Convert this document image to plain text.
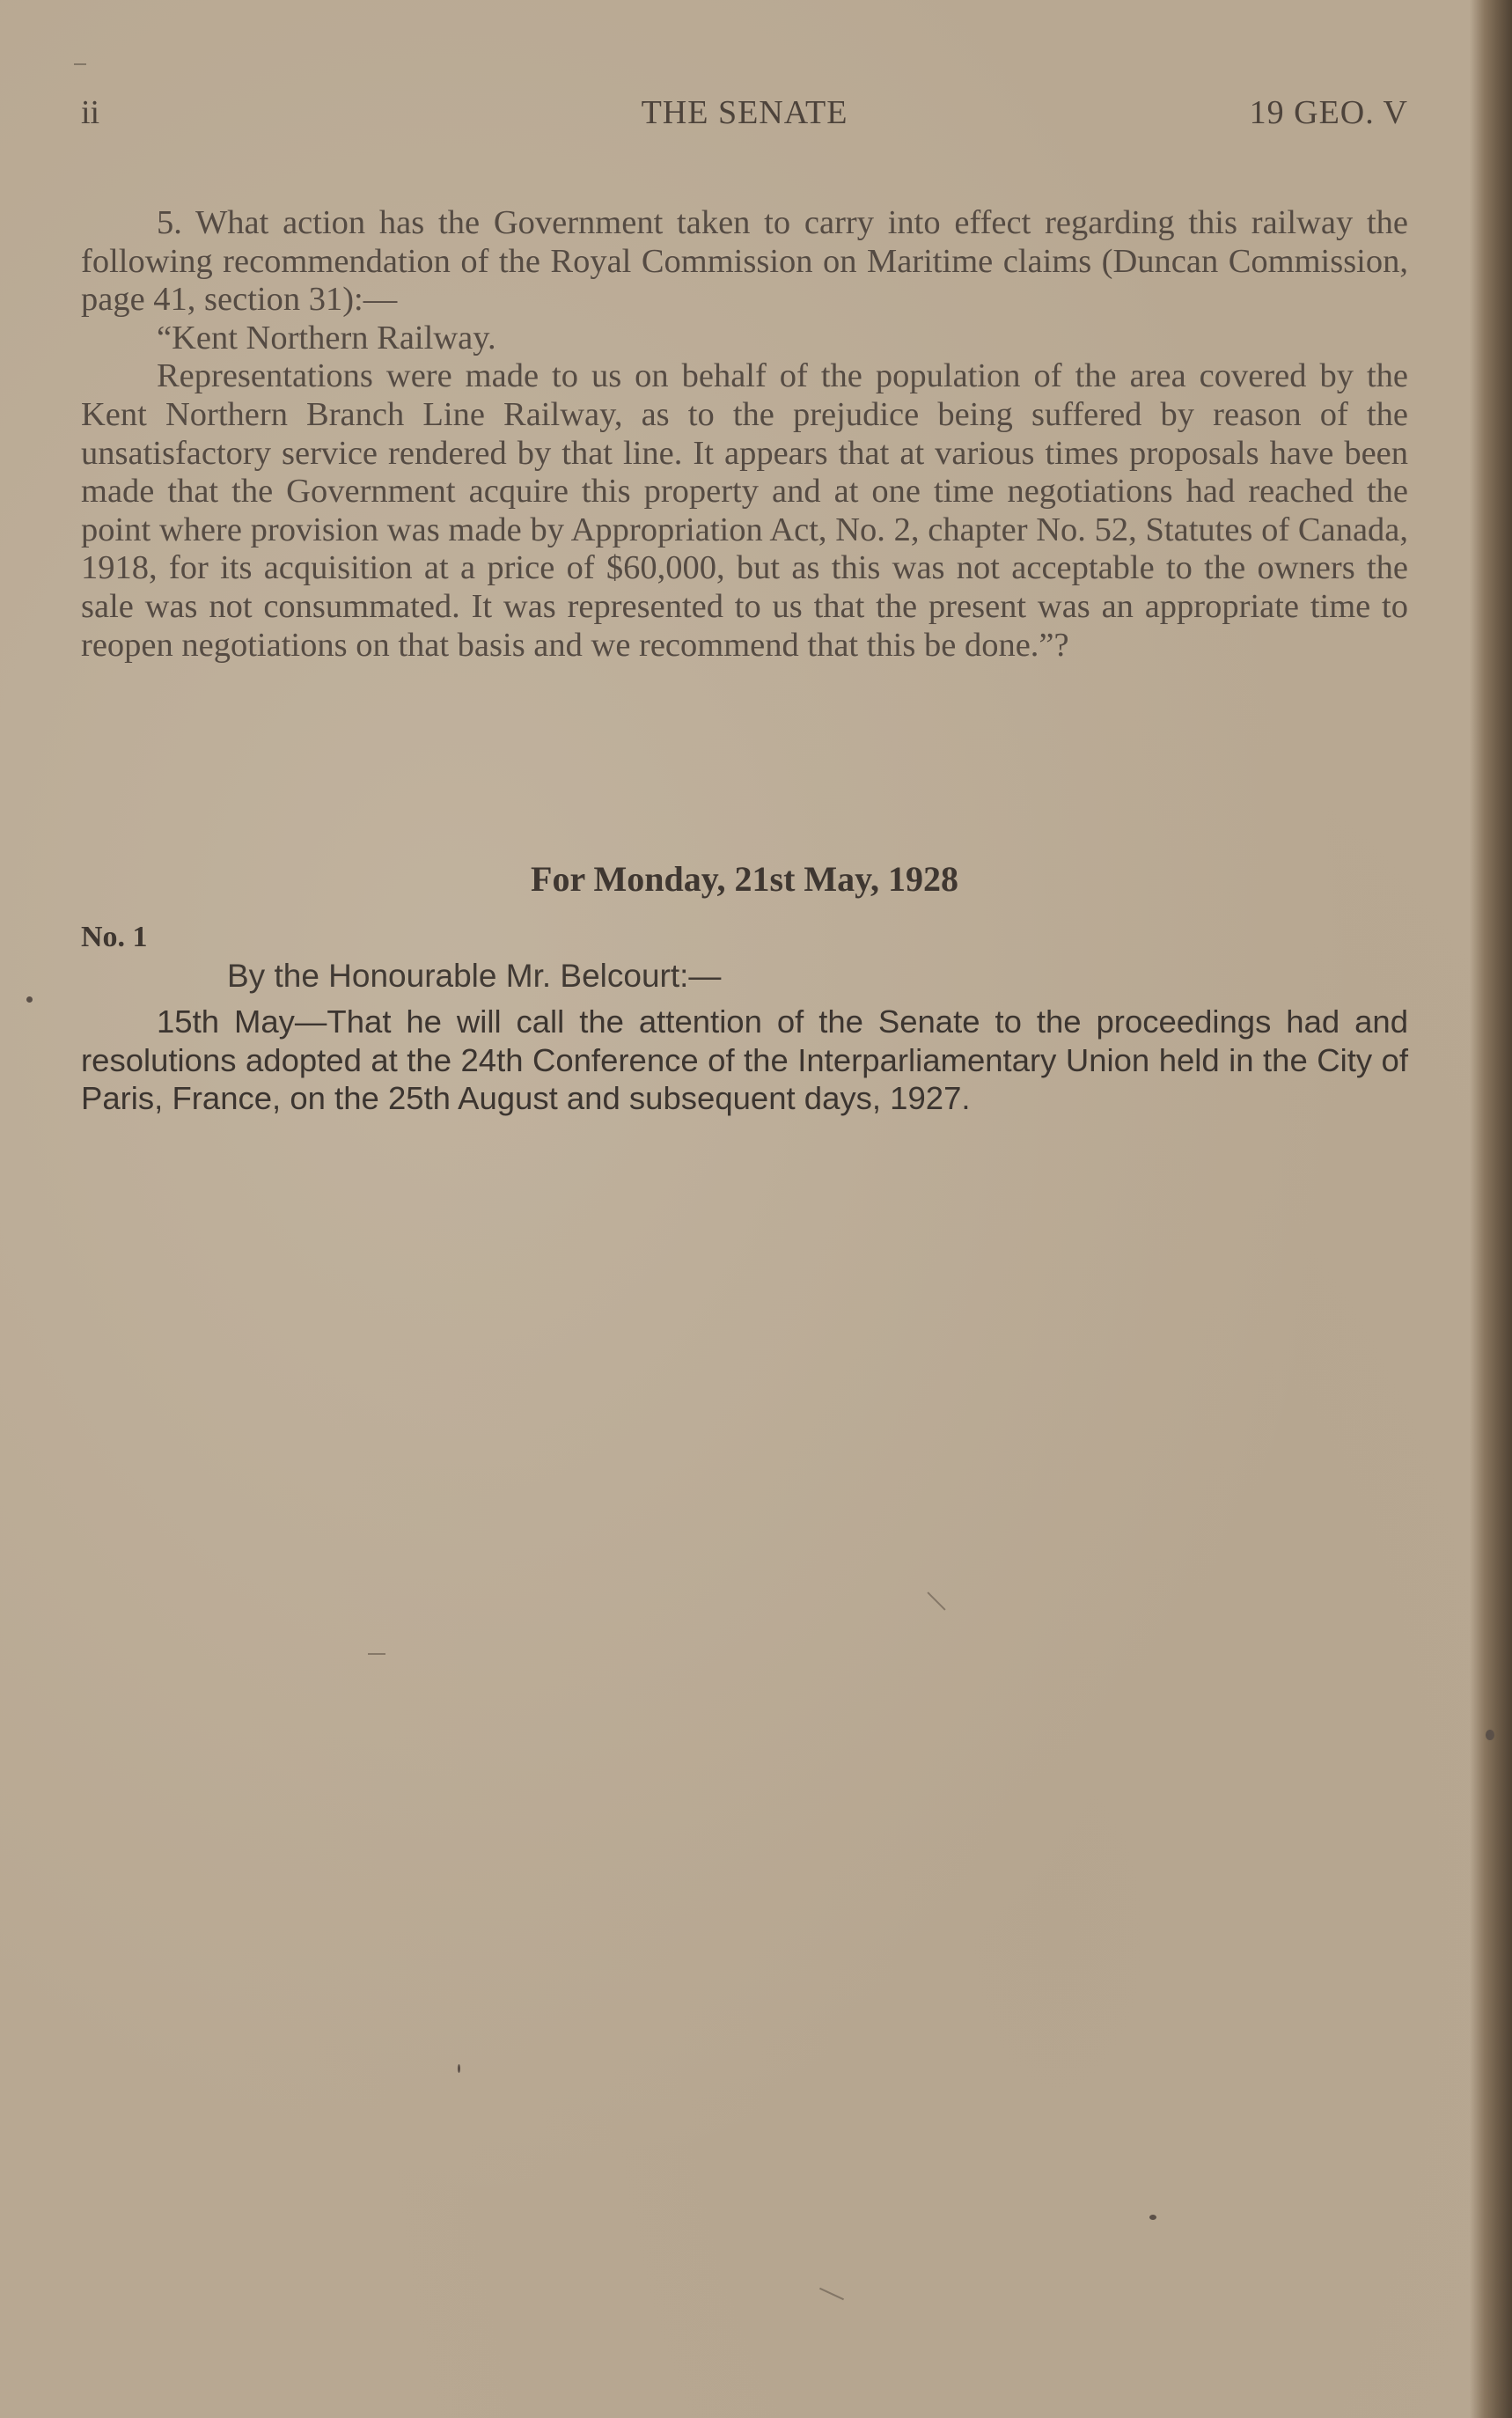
ii	THE SENATE	19 GEO. V

5. What action has the Government taken to carry into effect regarding this railway the following recommendation of the Royal Commission on Maritime claims (Duncan Commission, page 41, section 31):—

“Kent Northern Railway.

Representations were made to us on behalf of the population of the area covered by the Kent Northern Branch Line Railway, as to the prejudice being suffered by reason of the unsatisfactory service rendered by that line. It appears that at various times proposals have been made that the Government acquire this property and at one time negotiations had reached the point where provision was made by Appropriation Act, No. 2, chapter No. 52, Statutes of Canada, 1918, for its acquisition at a price of $60,000, but as this was not acceptable to the owners the sale was not consummated. It was represented to us that the present was an appropriate time to reopen negotiations on that basis and we recommend that this be done.”?

For Monday, 21st May, 1928
No. 1
By the Honourable Mr. Belcourt:—

15th May—That he will call the attention of the Senate to the proceedings had and resolutions adopted at the 24th Conference of the Interparliamentary Union held in the City of Paris, France, on the 25th August and subsequent days, 1927.
